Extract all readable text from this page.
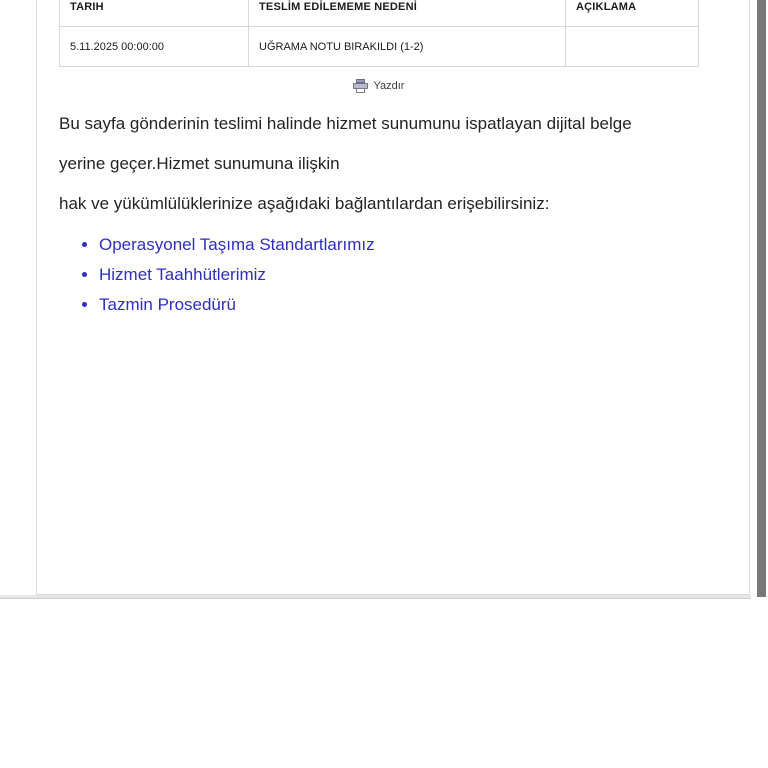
TARIH	TESLİM EDİLEMEME NEDENİ	AÇIKLAMA
5.11.2025 00:00:00	UĞRAMA NOTU BIRAKILDI (1-2)	
Yazdır

Bu sayfa gönderinin teslimi halinde hizmet sunumunu ispatlayan dijital belge

yerine geçer.Hizmet sunumuna ilişkin

hak ve yükümlülüklerinize aşağıdaki bağlantılardan erişebilirsiniz:

• Operasyonel Taşıma Standartlarımız
• Hizmet Taahhütlerimiz
• Tazmin Prosedürü
